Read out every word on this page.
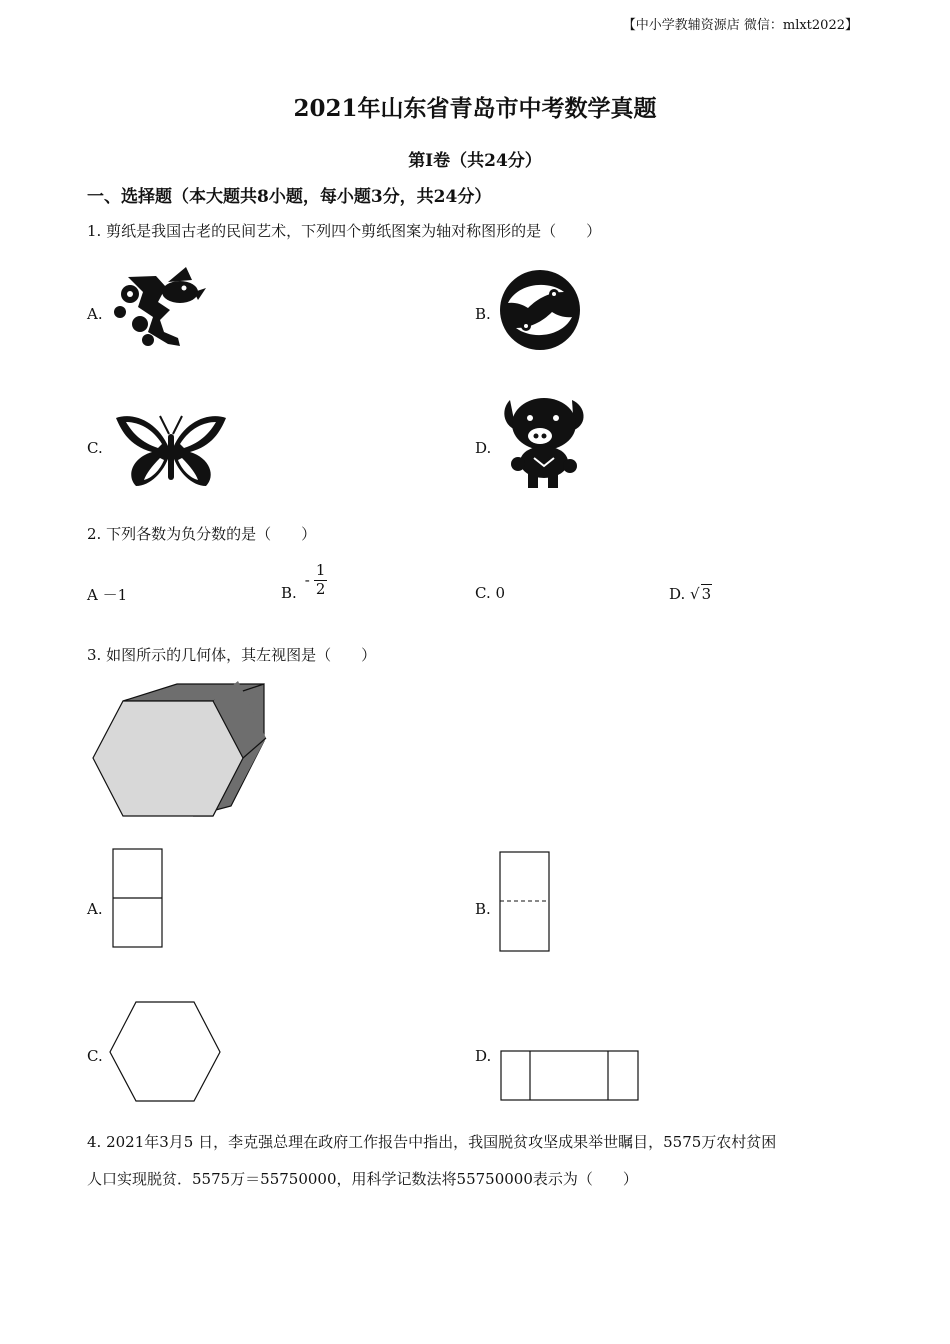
【中小学教辅资源店 微信：mlxt2022】
2021年山东省青岛市中考数学真题
第Ⅰ卷（共24分）
一、选择题（本大题共8小题，每小题3分，共24分）
1. 剪纸是我国古老的民间艺术，下列四个剪纸图案为轴对称图形的是（　　）
A.	B.
C.	D.
2. 下列各数为负分数的是（　　）
A －1	B.
- $\frac{1}{2}$	C. 0	D. √ 3
3. 如图所示的几何体，其左视图是（　　）
A.	B.
C.	D.
4. 2021年3月5 日，李克强总理在政府工作报告中指出，我国脱贫攻坚成果举世瞩目，5575万农村贫困
人口实现脱贫．5575万＝55750000，用科学记数法将55750000表示为（　　）
